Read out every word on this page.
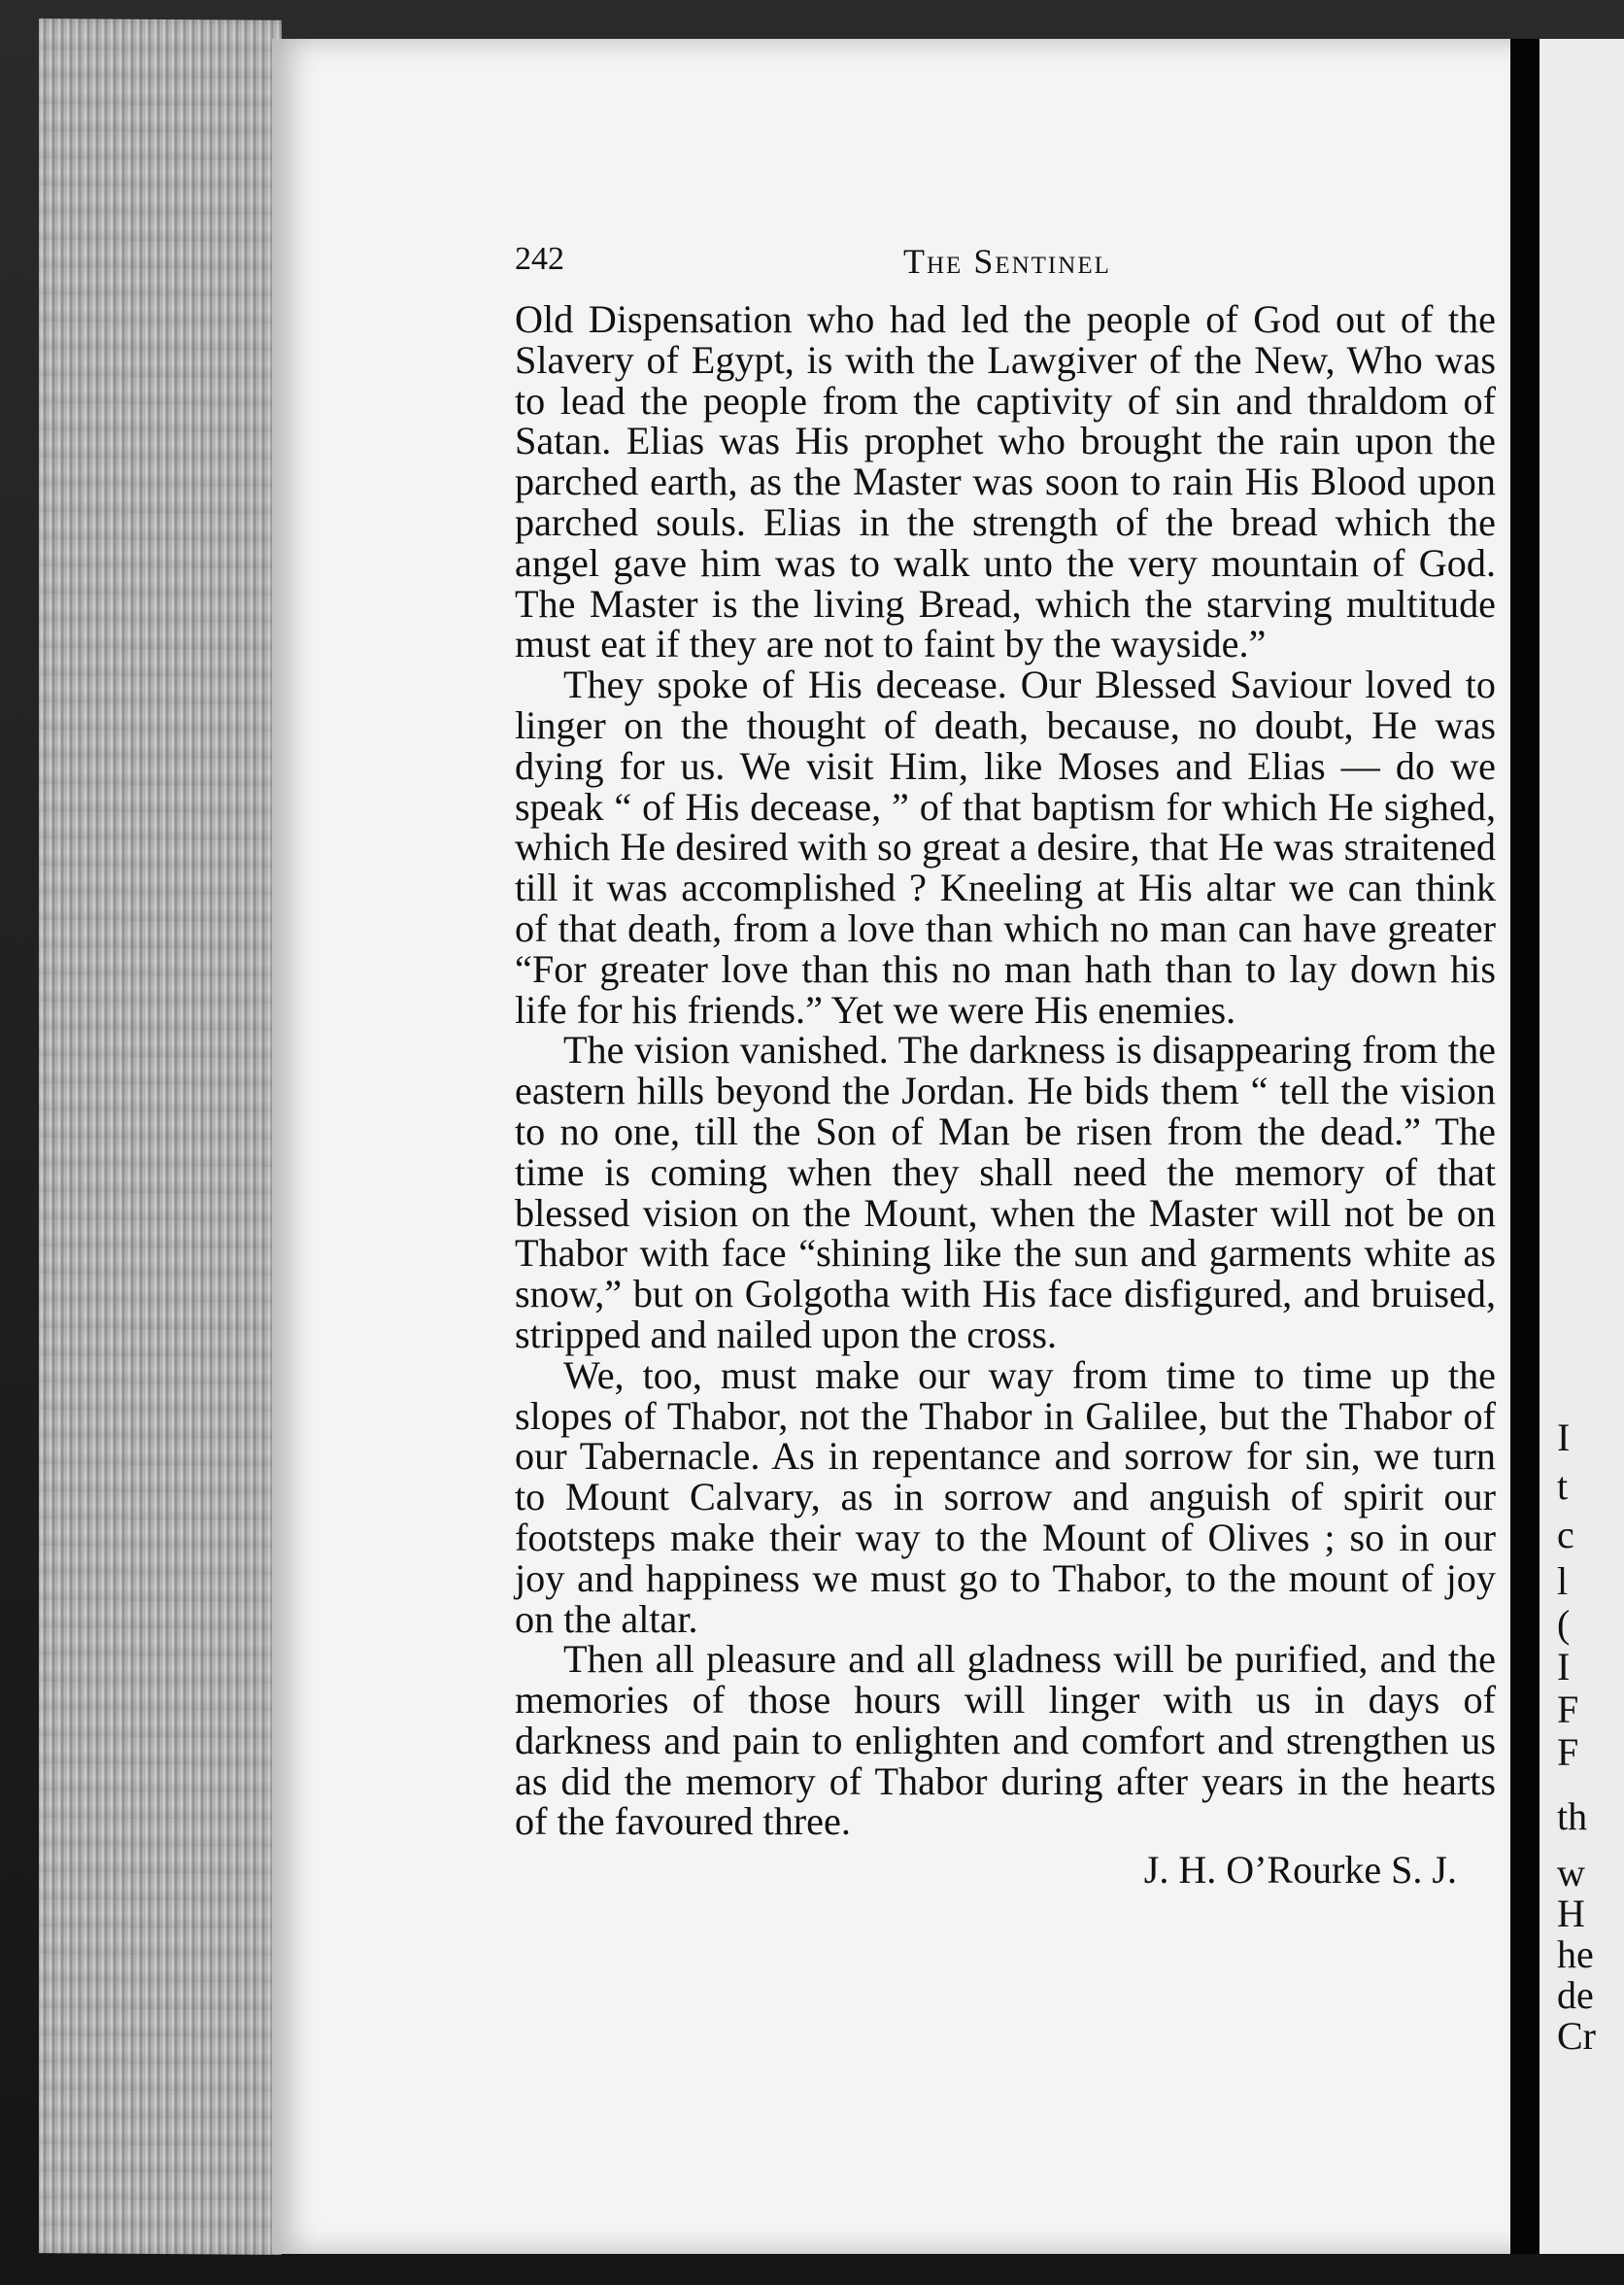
I
t
c
l
(
I
F
F
th
w
H
he
de
Cr
242	The Sentinel

Old Dispensation who had led the people of God out of the Slavery of Egypt, is with the Lawgiver of the New, Who was to lead the people from the captivity of sin and thraldom of Satan. Elias was His prophet who brought the rain upon the parched earth, as the Master was soon to rain His Blood upon parched souls. Elias in the strength of the bread which the angel gave him was to walk unto the very mountain of God. The Master is the living Bread, which the starving multitude must eat if they are not to faint by the wayside.”

They spoke of His decease. Our Blessed Saviour loved to linger on the thought of death, because, no doubt, He was dying for us. We visit Him, like Moses and Elias — do we speak “ of His decease, ” of that baptism for which He sighed, which He desired with so great a desire, that He was straitened till it was accomplished ? Kneeling at His altar we can think of that death, from a love than which no man can have greater “For greater love than this no man hath than to lay down his life for his friends.” Yet we were His enemies.

The vision vanished. The darkness is disappearing from the eastern hills beyond the Jordan. He bids them “ tell the vision to no one, till the Son of Man be risen from the dead.” The time is coming when they shall need the memory of that blessed vision on the Mount, when the Master will not be on Thabor with face “shining like the sun and garments white as snow,” but on Golgotha with His face disfigured, and bruised, stripped and nailed upon the cross.

We, too, must make our way from time to time up the slopes of Thabor, not the Thabor in Galilee, but the Thabor of our Tabernacle. As in repentance and sorrow for sin, we turn to Mount Calvary, as in sorrow and anguish of spirit our footsteps make their way to the Mount of Olives ; so in our joy and happiness we must go to Thabor, to the mount of joy on the altar.

Then all pleasure and all gladness will be purified, and the memories of those hours will linger with us in days of darkness and pain to enlighten and comfort and strengthen us as did the memory of Thabor during after years in the hearts of the favoured three.

J. H. O’Rourke S. J.
